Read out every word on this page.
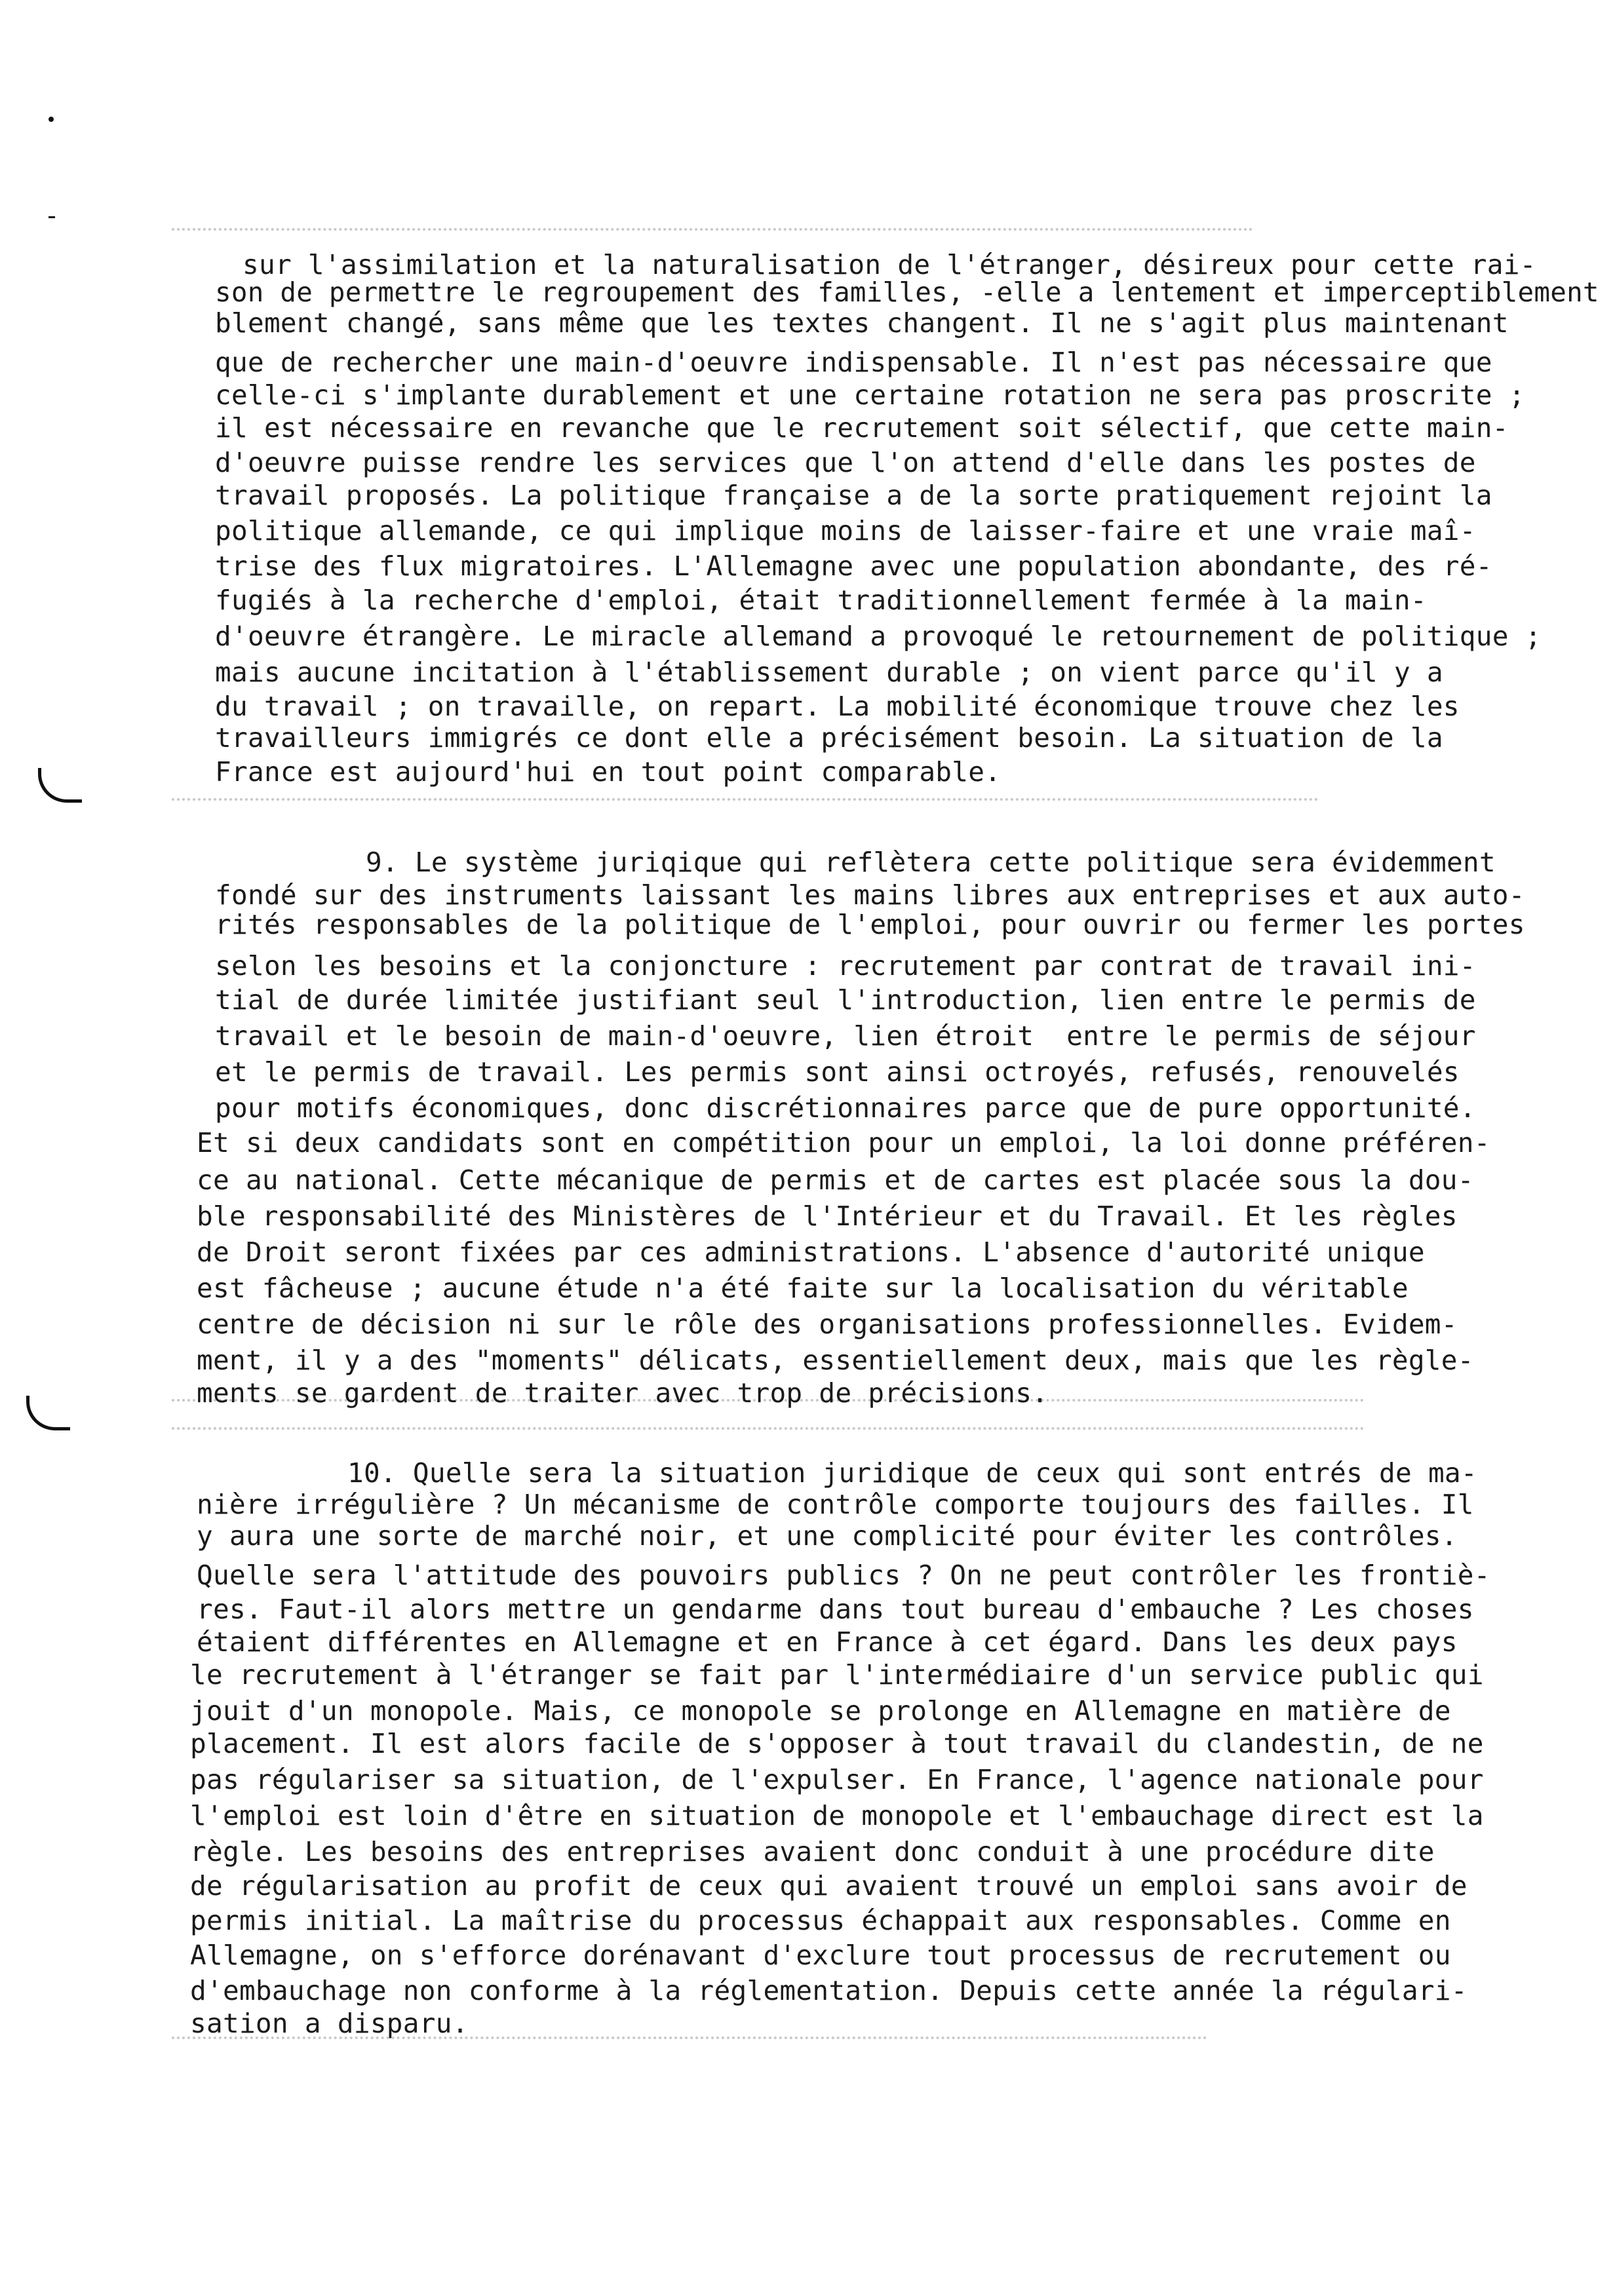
sur l'assimilation et la naturalisation de l'étranger, désireux pour cette rai-
son de permettre le regroupement des familles, -elle a lentement et imperceptiblement
blement changé, sans même que les textes changent. Il ne s'agit plus maintenant
que de rechercher une main-d'oeuvre indispensable. Il n'est pas nécessaire que
celle-ci s'implante durablement et une certaine rotation ne sera pas proscrite ;
il est nécessaire en revanche que le recrutement soit sélectif, que cette main-
d'oeuvre puisse rendre les services que l'on attend d'elle dans les postes de
travail proposés. La politique française a de la sorte pratiquement rejoint la
politique allemande, ce qui implique moins de laisser-faire et une vraie maî-
trise des flux migratoires. L'Allemagne avec une population abondante, des ré-
fugiés à la recherche d'emploi, était traditionnellement fermée à la main-
d'oeuvre étrangère. Le miracle allemand a provoqué le retournement de politique ;
mais aucune incitation à l'établissement durable ; on vient parce qu'il y a
du travail ; on travaille, on repart. La mobilité économique trouve chez les
travailleurs immigrés ce dont elle a précisément besoin. La situation de la
France est aujourd'hui en tout point comparable.
9. Le système juriqique qui reflètera cette politique sera évidemment
fondé sur des instruments laissant les mains libres aux entreprises et aux auto-
rités responsables de la politique de l'emploi, pour ouvrir ou fermer les portes
selon les besoins et la conjoncture : recrutement par contrat de travail ini-
tial de durée limitée justifiant seul l'introduction, lien entre le permis de
travail et le besoin de main-d'oeuvre, lien étroit  entre le permis de séjour
et le permis de travail. Les permis sont ainsi octroyés, refusés, renouvelés
pour motifs économiques, donc discrétionnaires parce que de pure opportunité.
Et si deux candidats sont en compétition pour un emploi, la loi donne préféren-
ce au national. Cette mécanique de permis et de cartes est placée sous la dou-
ble responsabilité des Ministères de l'Intérieur et du Travail. Et les règles
de Droit seront fixées par ces administrations. L'absence d'autorité unique
est fâcheuse ; aucune étude n'a été faite sur la localisation du véritable
centre de décision ni sur le rôle des organisations professionnelles. Evidem-
ment, il y a des "moments" délicats, essentiellement deux, mais que les règle-
ments se gardent de traiter avec trop de précisions.
10. Quelle sera la situation juridique de ceux qui sont entrés de ma-
nière irrégulière ? Un mécanisme de contrôle comporte toujours des failles. Il
y aura une sorte de marché noir, et une complicité pour éviter les contrôles.
Quelle sera l'attitude des pouvoirs publics ? On ne peut contrôler les frontiè-
res. Faut-il alors mettre un gendarme dans tout bureau d'embauche ? Les choses
étaient différentes en Allemagne et en France à cet égard. Dans les deux pays
le recrutement à l'étranger se fait par l'intermédiaire d'un service public qui
jouit d'un monopole. Mais, ce monopole se prolonge en Allemagne en matière de
placement. Il est alors facile de s'opposer à tout travail du clandestin, de ne
pas régulariser sa situation, de l'expulser. En France, l'agence nationale pour
l'emploi est loin d'être en situation de monopole et l'embauchage direct est la
règle. Les besoins des entreprises avaient donc conduit à une procédure dite
de régularisation au profit de ceux qui avaient trouvé un emploi sans avoir de
permis initial. La maîtrise du processus échappait aux responsables. Comme en
Allemagne, on s'efforce dorénavant d'exclure tout processus de recrutement ou
d'embauchage non conforme à la réglementation. Depuis cette année la régulari-
sation a disparu.
